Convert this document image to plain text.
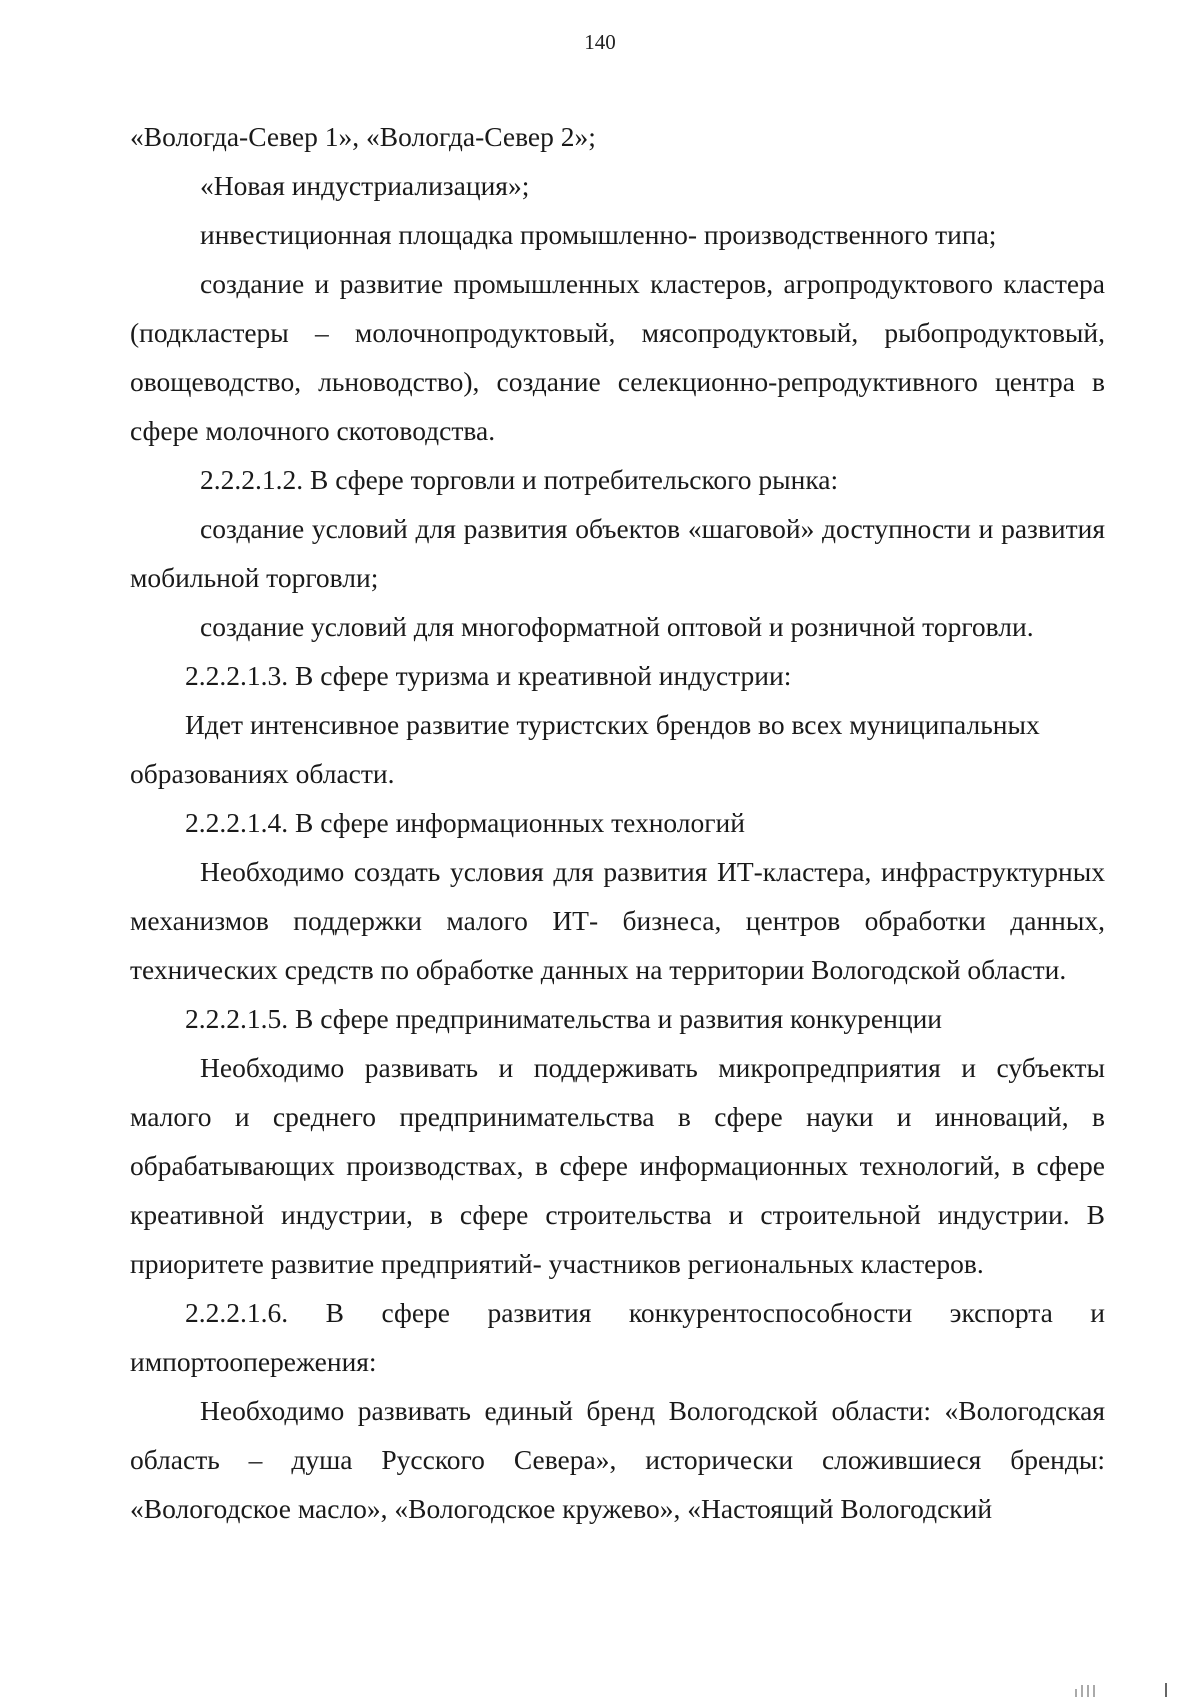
140

«Вологда-Север 1», «Вологда-Север 2»;

«Новая индустриализация»;

инвестиционная площадка промышленно- производственного типа;

создание и развитие промышленных кластеров, агропродуктового кластера (подкластеры – молочнопродуктовый, мясопродуктовый, рыбопродуктовый, овощеводство, льноводство), создание селекционно-репродуктивного центра в сфере молочного скотоводства.

2.2.2.1.2. В сфере торговли и потребительского рынка:

создание условий для развития объектов «шаговой» доступности и развития мобильной торговли;

создание условий для многоформатной оптовой и розничной торговли.

2.2.2.1.3. В сфере туризма и креативной индустрии:

Идет интенсивное развитие туристских брендов во всех муниципальных образованиях области.

2.2.2.1.4. В сфере информационных технологий

Необходимо создать условия для развития ИТ-кластера, инфраструктурных механизмов поддержки малого ИТ- бизнеса, центров обработки данных, технических средств по обработке данных на территории Вологодской области.

2.2.2.1.5. В сфере предпринимательства и развития конкуренции

Необходимо развивать и поддерживать микропредприятия и субъекты малого и среднего предпринимательства в сфере науки и инноваций, в обрабатывающих производствах, в сфере информационных технологий, в сфере креативной индустрии, в сфере строительства и строительной индустрии. В приоритете развитие предприятий- участников региональных кластеров.

2.2.2.1.6. В сфере развития конкурентоспособности экспорта и импортоопережения:

Необходимо развивать единый бренд Вологодской области: «Вологодская область – душа Русского Севера», исторически сложившиеся бренды: «Вологодское масло», «Вологодское кружево», «Настоящий Вологодский
